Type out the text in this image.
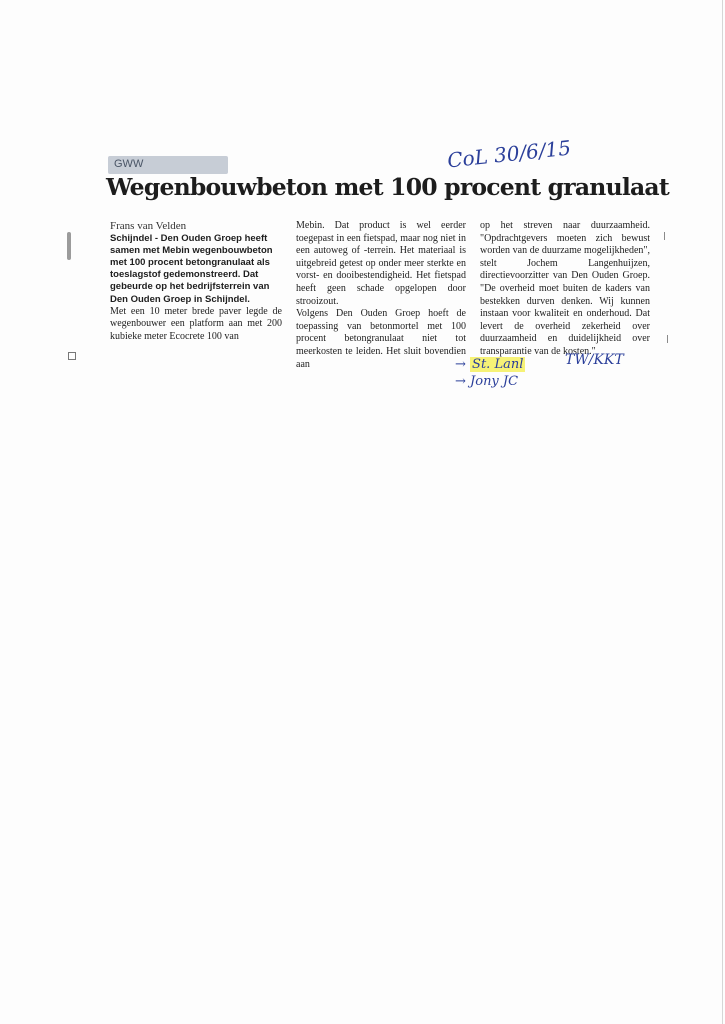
GWW
Wegenbouwbeton met 100 procent granulaat
Frans van Velden

Schijndel - Den Ouden Groep heeft samen met Mebin wegenbouwbeton met 100 procent betongranulaat als toeslagstof gedemonstreerd. Dat gebeurde op het bedrijfsterrein van Den Ouden Groep in Schijndel.

Met een 10 meter brede paver legde de wegenbouwer een platform aan met 200 kubieke meter Ecocrete 100 van

Mebin. Dat product is wel eerder toegepast in een fietspad, maar nog niet in een autoweg of -terrein. Het materiaal is uitgebreid getest op onder meer sterkte en vorst- en dooibestendigheid. Het fietspad heeft geen schade opgelopen door strooizout.

Volgens Den Ouden Groep hoeft de toepassing van betonmortel met 100 procent betongranulaat niet tot meerkosten te leiden. Het sluit bovendien aan

op het streven naar duurzaamheid. "Opdrachtgevers moeten zich bewust worden van de duurzame mogelijkheden", stelt Jochem Langenhuijzen, directievoorzitter van Den Ouden Groep. "De overheid moet buiten de kaders van bestekken durven denken. Wij kunnen instaan voor kwaliteit en onderhoud. Dat levert de overheid zekerheid over duurzaamheid en duidelijkheid over transparantie van de kosten."

CoL 30/6/15
→ St. Lanl	TW/KKT
→ Jony JC
